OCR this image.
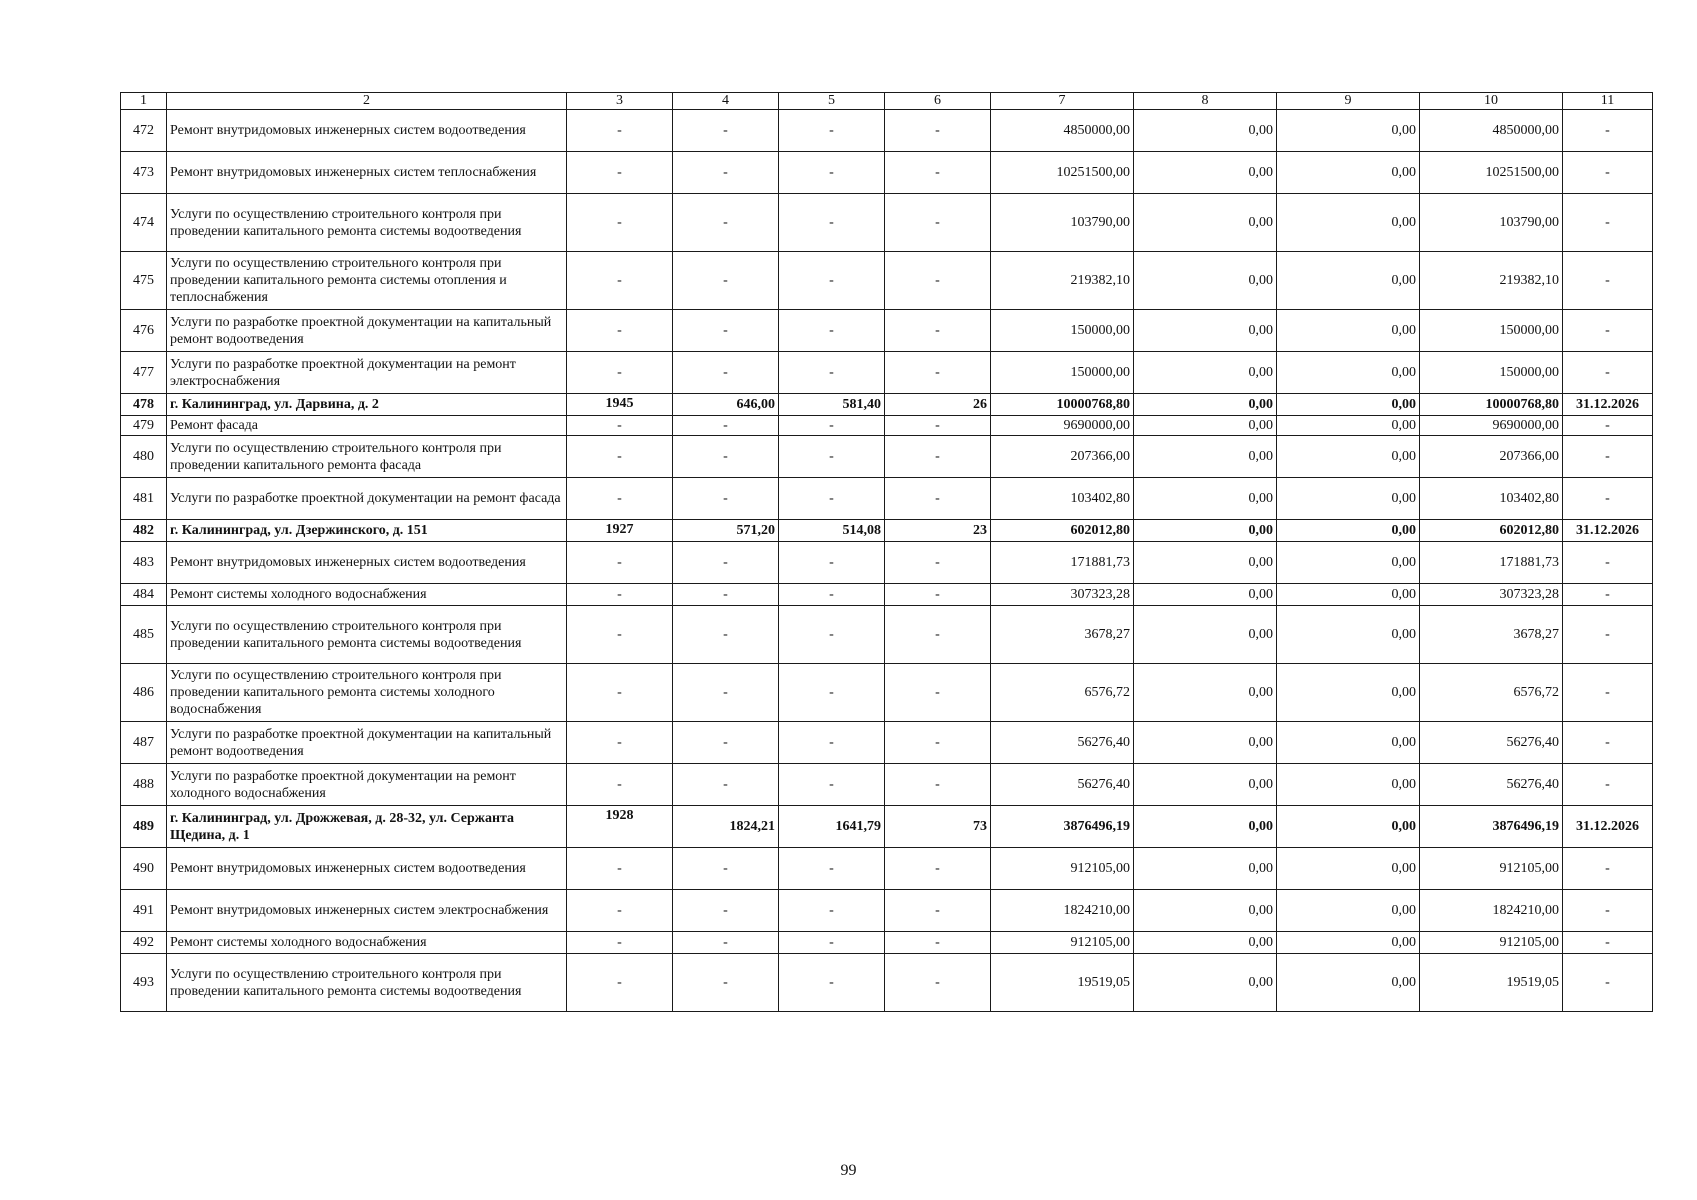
1	2	3	4	5	6	7	8	9	10	11
472	Ремонт внутридомовых инженерных систем водоотведения	-	-	-	-	4850000,00	0,00	0,00	4850000,00	-
473	Ремонт внутридомовых инженерных систем теплоснабжения	-	-	-	-	10251500,00	0,00	0,00	10251500,00	-
474	Услуги по осуществлению строительного контроля при проведении капитального ремонта системы водоотведения	-	-	-	-	103790,00	0,00	0,00	103790,00	-
475	Услуги по осуществлению строительного контроля при проведении капитального ремонта системы отопления и теплоснабжения	-	-	-	-	219382,10	0,00	0,00	219382,10	-
476	Услуги по разработке проектной документации на капитальный ремонт водоотведения	-	-	-	-	150000,00	0,00	0,00	150000,00	-
477	Услуги по разработке проектной документации на ремонт электроснабжения	-	-	-	-	150000,00	0,00	0,00	150000,00	-
478	г. Калининград, ул. Дарвина, д. 2	1945	646,00	581,40	26	10000768,80	0,00	0,00	10000768,80	31.12.2026
479	Ремонт фасада	-	-	-	-	9690000,00	0,00	0,00	9690000,00	-
480	Услуги по осуществлению строительного контроля при проведении капитального ремонта фасада	-	-	-	-	207366,00	0,00	0,00	207366,00	-
481	Услуги по разработке проектной документации на ремонт фасада	-	-	-	-	103402,80	0,00	0,00	103402,80	-
482	г. Калининград, ул. Дзержинского, д. 151	1927	571,20	514,08	23	602012,80	0,00	0,00	602012,80	31.12.2026
483	Ремонт внутридомовых инженерных систем водоотведения	-	-	-	-	171881,73	0,00	0,00	171881,73	-
484	Ремонт системы холодного водоснабжения	-	-	-	-	307323,28	0,00	0,00	307323,28	-
485	Услуги по осуществлению строительного контроля при проведении капитального ремонта системы водоотведения	-	-	-	-	3678,27	0,00	0,00	3678,27	-
486	Услуги по осуществлению строительного контроля при проведении капитального ремонта системы холодного водоснабжения	-	-	-	-	6576,72	0,00	0,00	6576,72	-
487	Услуги по разработке проектной документации на капитальный ремонт водоотведения	-	-	-	-	56276,40	0,00	0,00	56276,40	-
488	Услуги по разработке проектной документации на ремонт холодного водоснабжения	-	-	-	-	56276,40	0,00	0,00	56276,40	-
489	г. Калининград, ул. Дрожжевая, д. 28-32, ул. Сержанта Щедина, д. 1	1928	1824,21	1641,79	73	3876496,19	0,00	0,00	3876496,19	31.12.2026
490	Ремонт внутридомовых инженерных систем водоотведения	-	-	-	-	912105,00	0,00	0,00	912105,00	-
491	Ремонт внутридомовых инженерных систем электроснабжения	-	-	-	-	1824210,00	0,00	0,00	1824210,00	-
492	Ремонт системы холодного водоснабжения	-	-	-	-	912105,00	0,00	0,00	912105,00	-
493	Услуги по осуществлению строительного контроля при проведении капитального ремонта системы водоотведения	-	-	-	-	19519,05	0,00	0,00	19519,05	-
99
